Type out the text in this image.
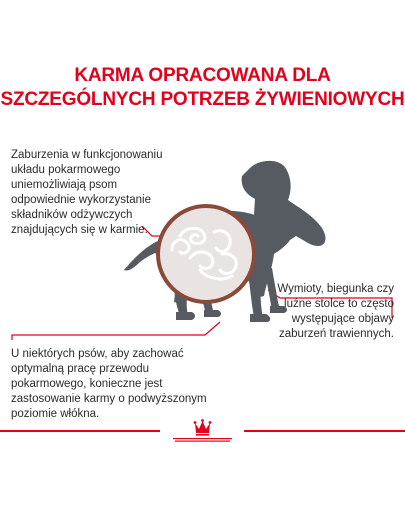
KARMA OPRACOWANA DLA
SZCZEGÓLNYCH POTRZEB ŻYWIENIOWYCH
Zaburzenia w funkcjonowaniu
układu pokarmowego
uniemożliwiają psom
odpowiednie wykorzystanie
składników odżywczych
znajdujących się w karmie.
Wymioty, biegunka czy
luźne stolce to często
występujące objawy
zaburzeń trawiennych.
U niektórych psów, aby zachować
optymalną pracę przewodu
pokarmowego, konieczne jest
zastosowanie karmy o podwyższonym
poziomie włókna.
